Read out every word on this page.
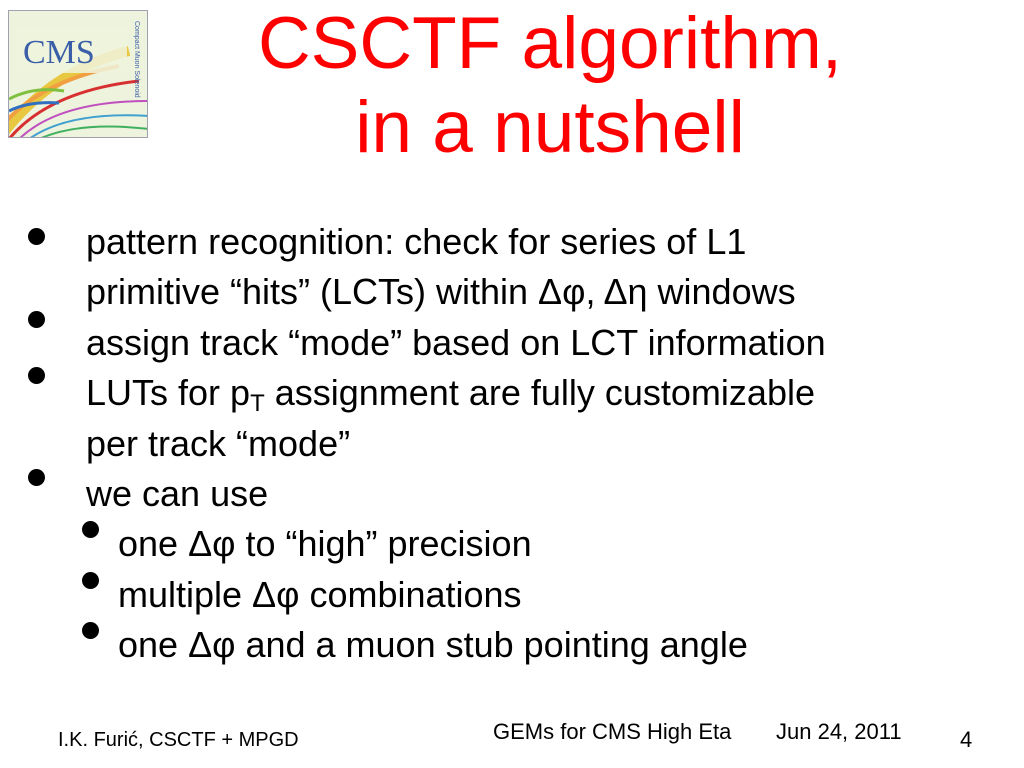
CMS	Compact Muon Solenoid	CSCTF algorithm,
in a nutshell
pattern recognition: check for series of L1
primitive “hits” (LCTs) within Δφ, Δη windows
assign track “mode” based on LCT information
LUTs for $p_T$ assignment are fully customizable
per track “mode”
we can use
one Δφ to “high” precision
multiple Δφ combinations
one Δφ and a muon stub pointing angle
I.K. Furić, CSCTF + MPGD	GEMs for CMS High Eta Jun 24, 2011	4
